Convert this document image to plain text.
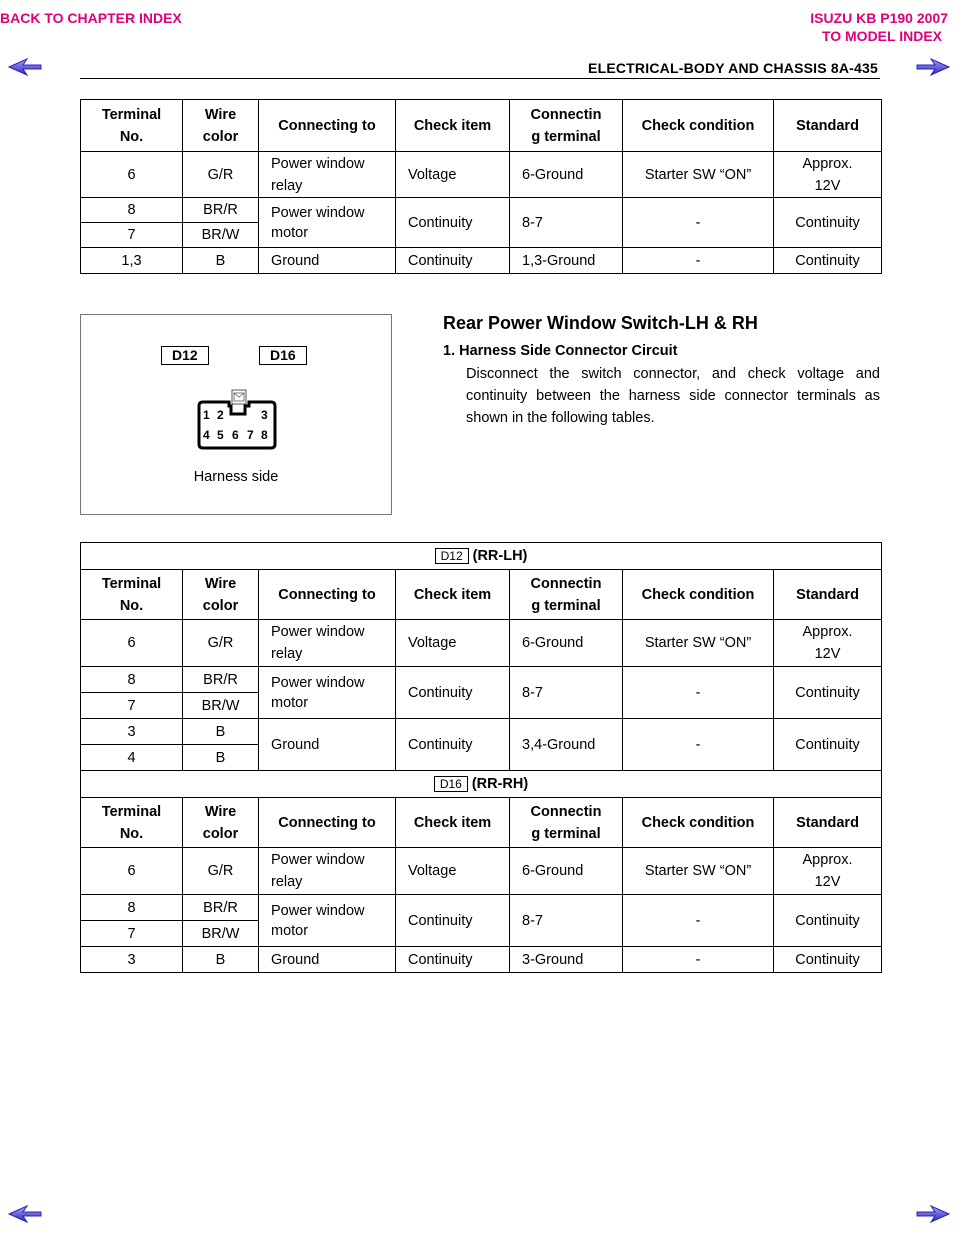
BACK TO CHAPTER INDEX	ISUZU KB P190 2007
TO MODEL INDEX
ELECTRICAL-BODY AND CHASSIS 8A-435
Terminal
No.	Wire
color	Connecting to	Check item	Connectin
g terminal	Check condition	Standard
6	G/R	Power window
relay	Voltage	6-Ground	Starter SW “ON”	Approx.
12V
8	BR/R	Power window
motor	Continuity	8-7	-	Continuity
7	BR/W					
1,3	B	Ground	Continuity	1,3-Ground	-	Continuity
D12	D16
1 2	3
4 5 6 7 8
Harness side
Rear Power Window Switch-LH & RH
1. Harness Side Connector Circuit
Disconnect the switch connector, and check voltage and continuity between the harness side connector terminals as shown in the following tables.
D12 (RR-LH)						
Terminal
No.	Wire
color	Connecting to	Check item	Connectin
g terminal	Check condition	Standard
6	G/R	Power window
relay	Voltage	6-Ground	Starter SW “ON”	Approx.
12V
8	BR/R	Power window
motor	Continuity	8-7	-	Continuity
7	BR/W					
3	B	Ground	Continuity	3,4-Ground	-	Continuity
4	B					
D16 (RR-RH)						
Terminal
No.	Wire
color	Connecting to	Check item	Connectin
g terminal	Check condition	Standard
6	G/R	Power window
relay	Voltage	6-Ground	Starter SW “ON”	Approx.
12V
8	BR/R	Power window
motor	Continuity	8-7	-	Continuity
7	BR/W					
3	B	Ground	Continuity	3-Ground	-	Continuity
